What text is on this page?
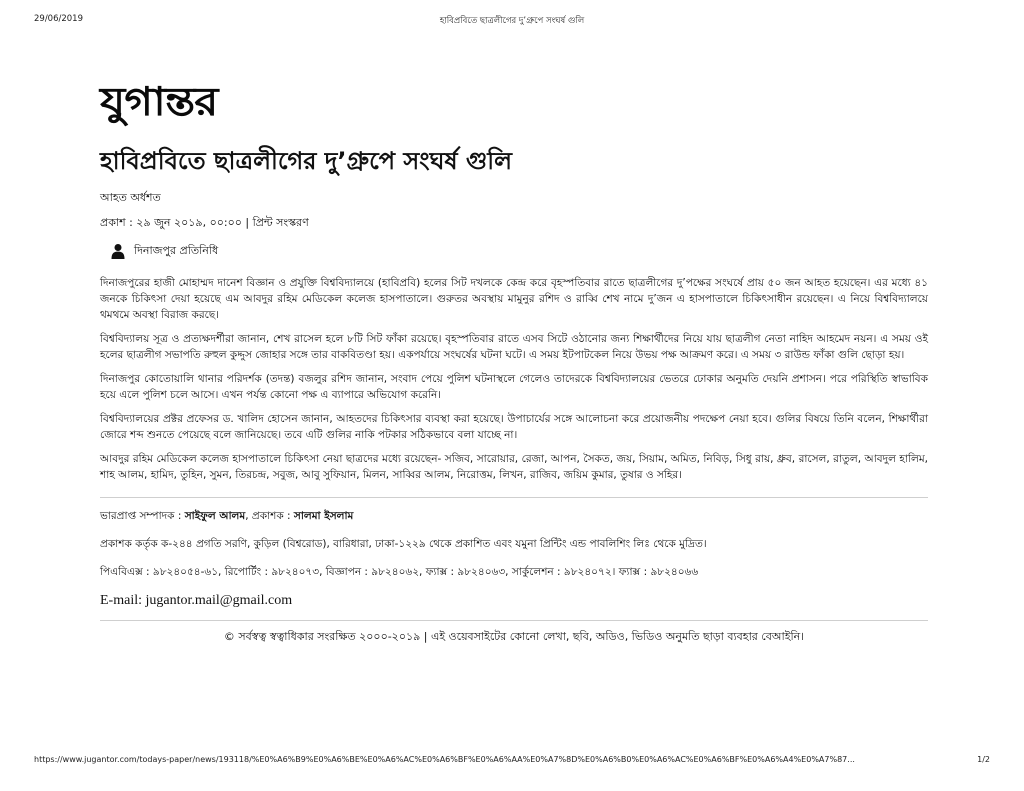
29/06/2019	হাবিপ্রবিতে ছাত্রলীগের দু’গ্রুপে সংঘর্ষ গুলি
যুগান্তর
হাবিপ্রবিতে ছাত্রলীগের দু’গ্রুপে সংঘর্ষ গুলি
আহত অর্ধশত
প্রকাশ : ২৯ জুন ২০১৯, ০০:০০ | প্রিন্ট সংস্করণ
দিনাজপুর প্রতিনিধি

দিনাজপুরের হাজী মোহাম্মদ দানেশ বিজ্ঞান ও প্রযুক্তি বিশ্ববিদ্যালয়ে (হাবিপ্রবি) হলের সিট দখলকে কেন্দ্র করে বৃহস্পতিবার রাতে ছাত্রলীগের দু’পক্ষের সংঘর্ষে প্রায় ৫০ জন আহত হয়েছেন। এর মধ্যে ৪১ জনকে চিকিৎসা দেয়া হয়েছে এম আবদুর রহিম মেডিকেল কলেজ হাসপাতালে। গুরুতর অবস্থায় মামুনুর রশিদ ও রাব্বি শেখ নামে দু’জন এ হাসপাতালে চিকিৎসাধীন রয়েছেন। এ নিয়ে বিশ্ববিদ্যালয়ে থমথমে অবস্থা বিরাজ করছে।

বিশ্ববিদ্যালয় সূত্র ও প্রত্যক্ষদর্শীরা জানান, শেখ রাসেল হলে ৮টি সিট ফাঁকা রয়েছে। বৃহস্পতিবার রাতে এসব সিটে ওঠানোর জন্য শিক্ষার্থীদের নিয়ে যায় ছাত্রলীগ নেতা নাহিদ আহমেদ নয়ন। এ সময় ওই হলের ছাত্রলীগ সভাপতি রুহুল কুদ্দুস জোহার সঙ্গে তার বাকবিতণ্ডা হয়। একপর্যায়ে সংঘর্ষের ঘটনা ঘটে। এ সময় ইটপাটকেল নিয়ে উভয় পক্ষ আক্রমণ করে। এ সময় ৩ রাউন্ড ফাঁকা গুলি ছোড়া হয়।

দিনাজপুর কোতোয়ালি থানার পরিদর্শক (তদন্ত) বজলুর রশিদ জানান, সংবাদ পেয়ে পুলিশ ঘটনাস্থলে গেলেও তাদেরকে বিশ্ববিদ্যালয়ের ভেতরে ঢোকার অনুমতি দেয়নি প্রশাসন। পরে পরিস্থিতি স্বাভাবিক হয়ে এলে পুলিশ চলে আসে। এখন পর্যন্ত কোনো পক্ষ এ ব্যাপারে অভিযোগ করেনি।

বিশ্ববিদ্যালয়ের প্রক্টর প্রফেসর ড. খালিদ হোসেন জানান, আহতদের চিকিৎসার ব্যবস্থা করা হয়েছে। উপাচার্যের সঙ্গে আলোচনা করে প্রয়োজনীয় পদক্ষেপ নেয়া হবে। গুলির বিষয়ে তিনি বলেন, শিক্ষার্থীরা জোরে শব্দ শুনতে পেয়েছে বলে জানিয়েছে। তবে এটি গুলির নাকি পটকার সঠিকভাবে বলা যাচ্ছে না।

আবদুর রহিম মেডিকেল কলেজ হাসপাতালে চিকিৎসা নেয়া ছাত্রদের মধ্যে রয়েছেন- সজিব, সারোয়ার, রেজা, আপন, সৈকত, জয়, সিয়াম, অমিত, নিবিড়, সিধু রায়, ধ্রুব, রাসেল, রাতুল, আবদুল হালিম, শাহ আলম, হামিদ, তুহিন, সুমন, তিরচন্দ্র, সবুজ, আবু সুফিয়ান, মিলন, সাব্বির আলম, নিরোত্তম, লিখন, রাজিব, জয়িম কুমার, তুষার ও সহির।

ভারপ্রাপ্ত সম্পাদক : সাইফুল আলম, প্রকাশক : সালমা ইসলাম
প্রকাশক কর্তৃক ক-২৪৪ প্রগতি সরণি, কুড়িল (বিশ্বরোড), বারিধারা, ঢাকা-১২২৯ থেকে প্রকাশিত এবং যমুনা প্রিন্টিং এন্ড পাবলিশিং লিঃ থেকে মুদ্রিত।
পিএবিএক্স : ৯৮২৪০৫৪-৬১, রিপোর্টিং : ৯৮২৪০৭৩, বিজ্ঞাপন : ৯৮২৪০৬২, ফ্যাক্স : ৯৮২৪০৬৩, সার্কুলেশন : ৯৮২৪০৭২। ফ্যাক্স : ৯৮২৪০৬৬
E-mail: jugantor.mail@gmail.com
© সর্বস্বত্ব স্বত্বাধিকার সংরক্ষিত ২০০০-২০১৯ | এই ওয়েবসাইটের কোনো লেখা, ছবি, অডিও, ভিডিও অনুমতি ছাড়া ব্যবহার বেআইনি।
https://www.jugantor.com/todays-paper/news/193118/%E0%A6%B9%E0%A6%BE%E0%A6%AC%E0%A6%BF%E0%A6%AA%E0%A7%8D%E0%A6%B0%E0%A6%AC%E0%A6%BF%E0%A6%A4%E0%A7%87...	1/2
